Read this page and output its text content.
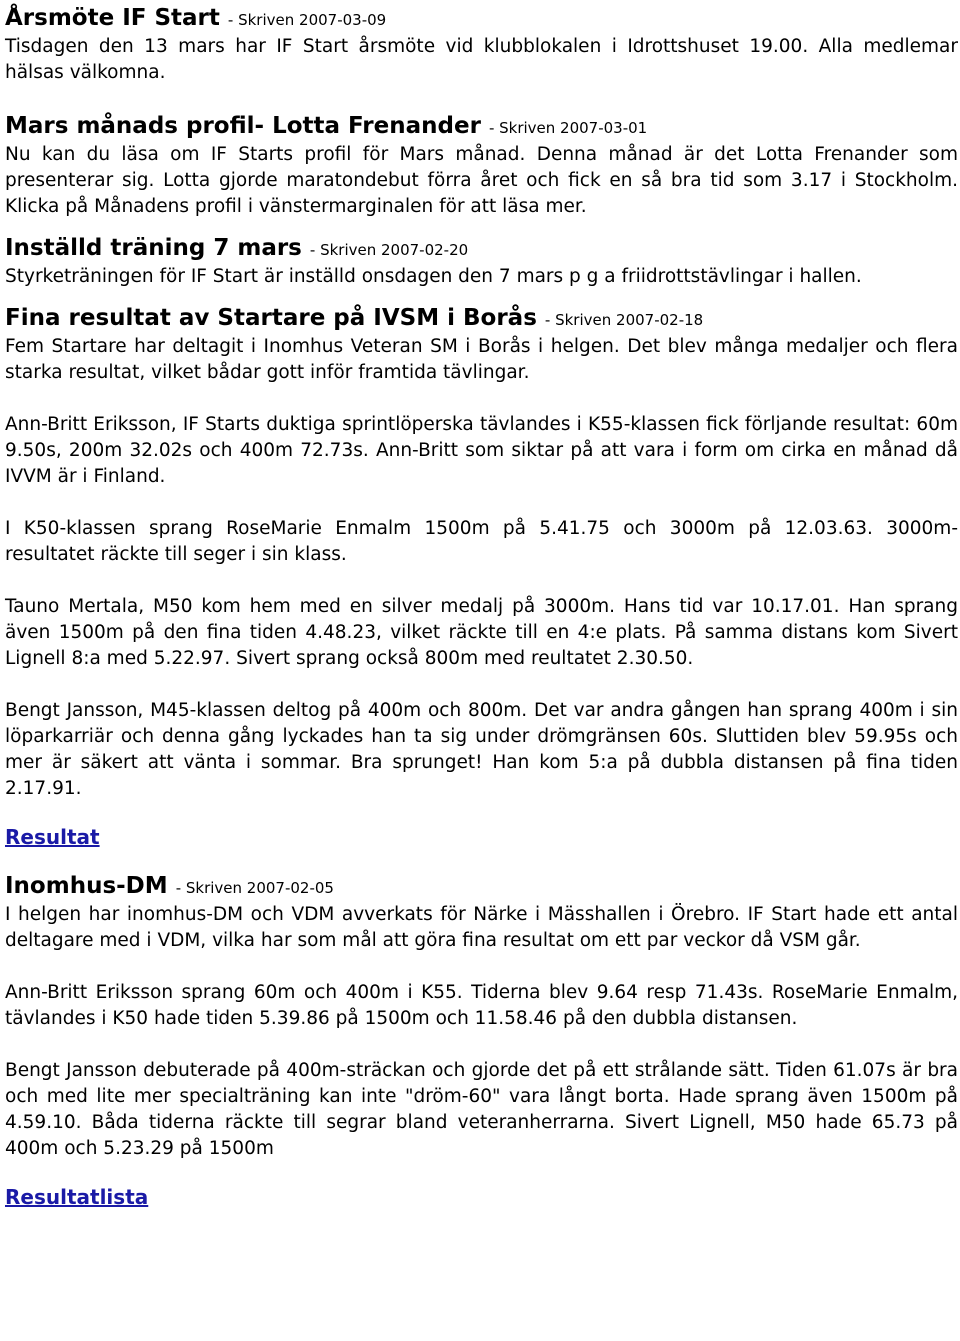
Årsmöte IF Start - Skriven 2007-03-09

Tisdagen den 13 mars har IF Start årsmöte vid klubblokalen i Idrottshuset 19.00. Alla medlemar hälsas välkomna.

Mars månads profil- Lotta Frenander - Skriven 2007-03-01

Nu kan du läsa om IF Starts profil för Mars månad. Denna månad är det Lotta Frenander som presenterar sig. Lotta gjorde maratondebut förra året och fick en så bra tid som 3.17 i Stockholm. Klicka på Månadens profil i vänstermarginalen för att läsa mer.

Inställd träning 7 mars - Skriven 2007-02-20

Styrketräningen för IF Start är inställd onsdagen den 7 mars p g a friidrottstävlingar i hallen.

Fina resultat av Startare på IVSM i Borås - Skriven 2007-02-18

Fem Startare har deltagit i Inomhus Veteran SM i Borås i helgen. Det blev många medaljer och flera starka resultat, vilket bådar gott inför framtida tävlingar.

Ann-Britt Eriksson, IF Starts duktiga sprintlöperska tävlandes i K55-klassen fick förljande resultat: 60m 9.50s, 200m 32.02s och 400m 72.73s. Ann-Britt som siktar på att vara i form om cirka en månad då IVVM är i Finland.

I K50-klassen sprang RoseMarie Enmalm 1500m på 5.41.75 och 3000m på 12.03.63. 3000m-resultatet räckte till seger i sin klass.

Tauno Mertala, M50 kom hem med en silver medalj på 3000m. Hans tid var 10.17.01. Han sprang även 1500m på den fina tiden 4.48.23, vilket räckte till en 4:e plats. På samma distans kom Sivert Lignell 8:a med 5.22.97. Sivert sprang också 800m med reultatet 2.30.50.

Bengt Jansson, M45-klassen deltog på 400m och 800m. Det var andra gången han sprang 400m i sin löparkarriär och denna gång lyckades han ta sig under drömgränsen 60s. Sluttiden blev 59.95s och mer är säkert att vänta i sommar. Bra sprunget! Han kom 5:a på dubbla distansen på fina tiden 2.17.91.

Resultat
Inomhus-DM - Skriven 2007-02-05

I helgen har inomhus-DM och VDM avverkats för Närke i Mässhallen i Örebro. IF Start hade ett antal deltagare med i VDM, vilka har som mål att göra fina resultat om ett par veckor då VSM går.

Ann-Britt Eriksson sprang 60m och 400m i K55. Tiderna blev 9.64 resp 71.43s. RoseMarie Enmalm, tävlandes i K50 hade tiden 5.39.86 på 1500m och 11.58.46 på den dubbla distansen.

Bengt Jansson debuterade på 400m-sträckan och gjorde det på ett strålande sätt. Tiden 61.07s är bra och med lite mer specialträning kan inte "dröm-60" vara långt borta. Hade sprang även 1500m på 4.59.10. Båda tiderna räckte till segrar bland veteranherrarna. Sivert Lignell, M50 hade 65.73 på 400m och 5.23.29 på 1500m

Resultatlista
